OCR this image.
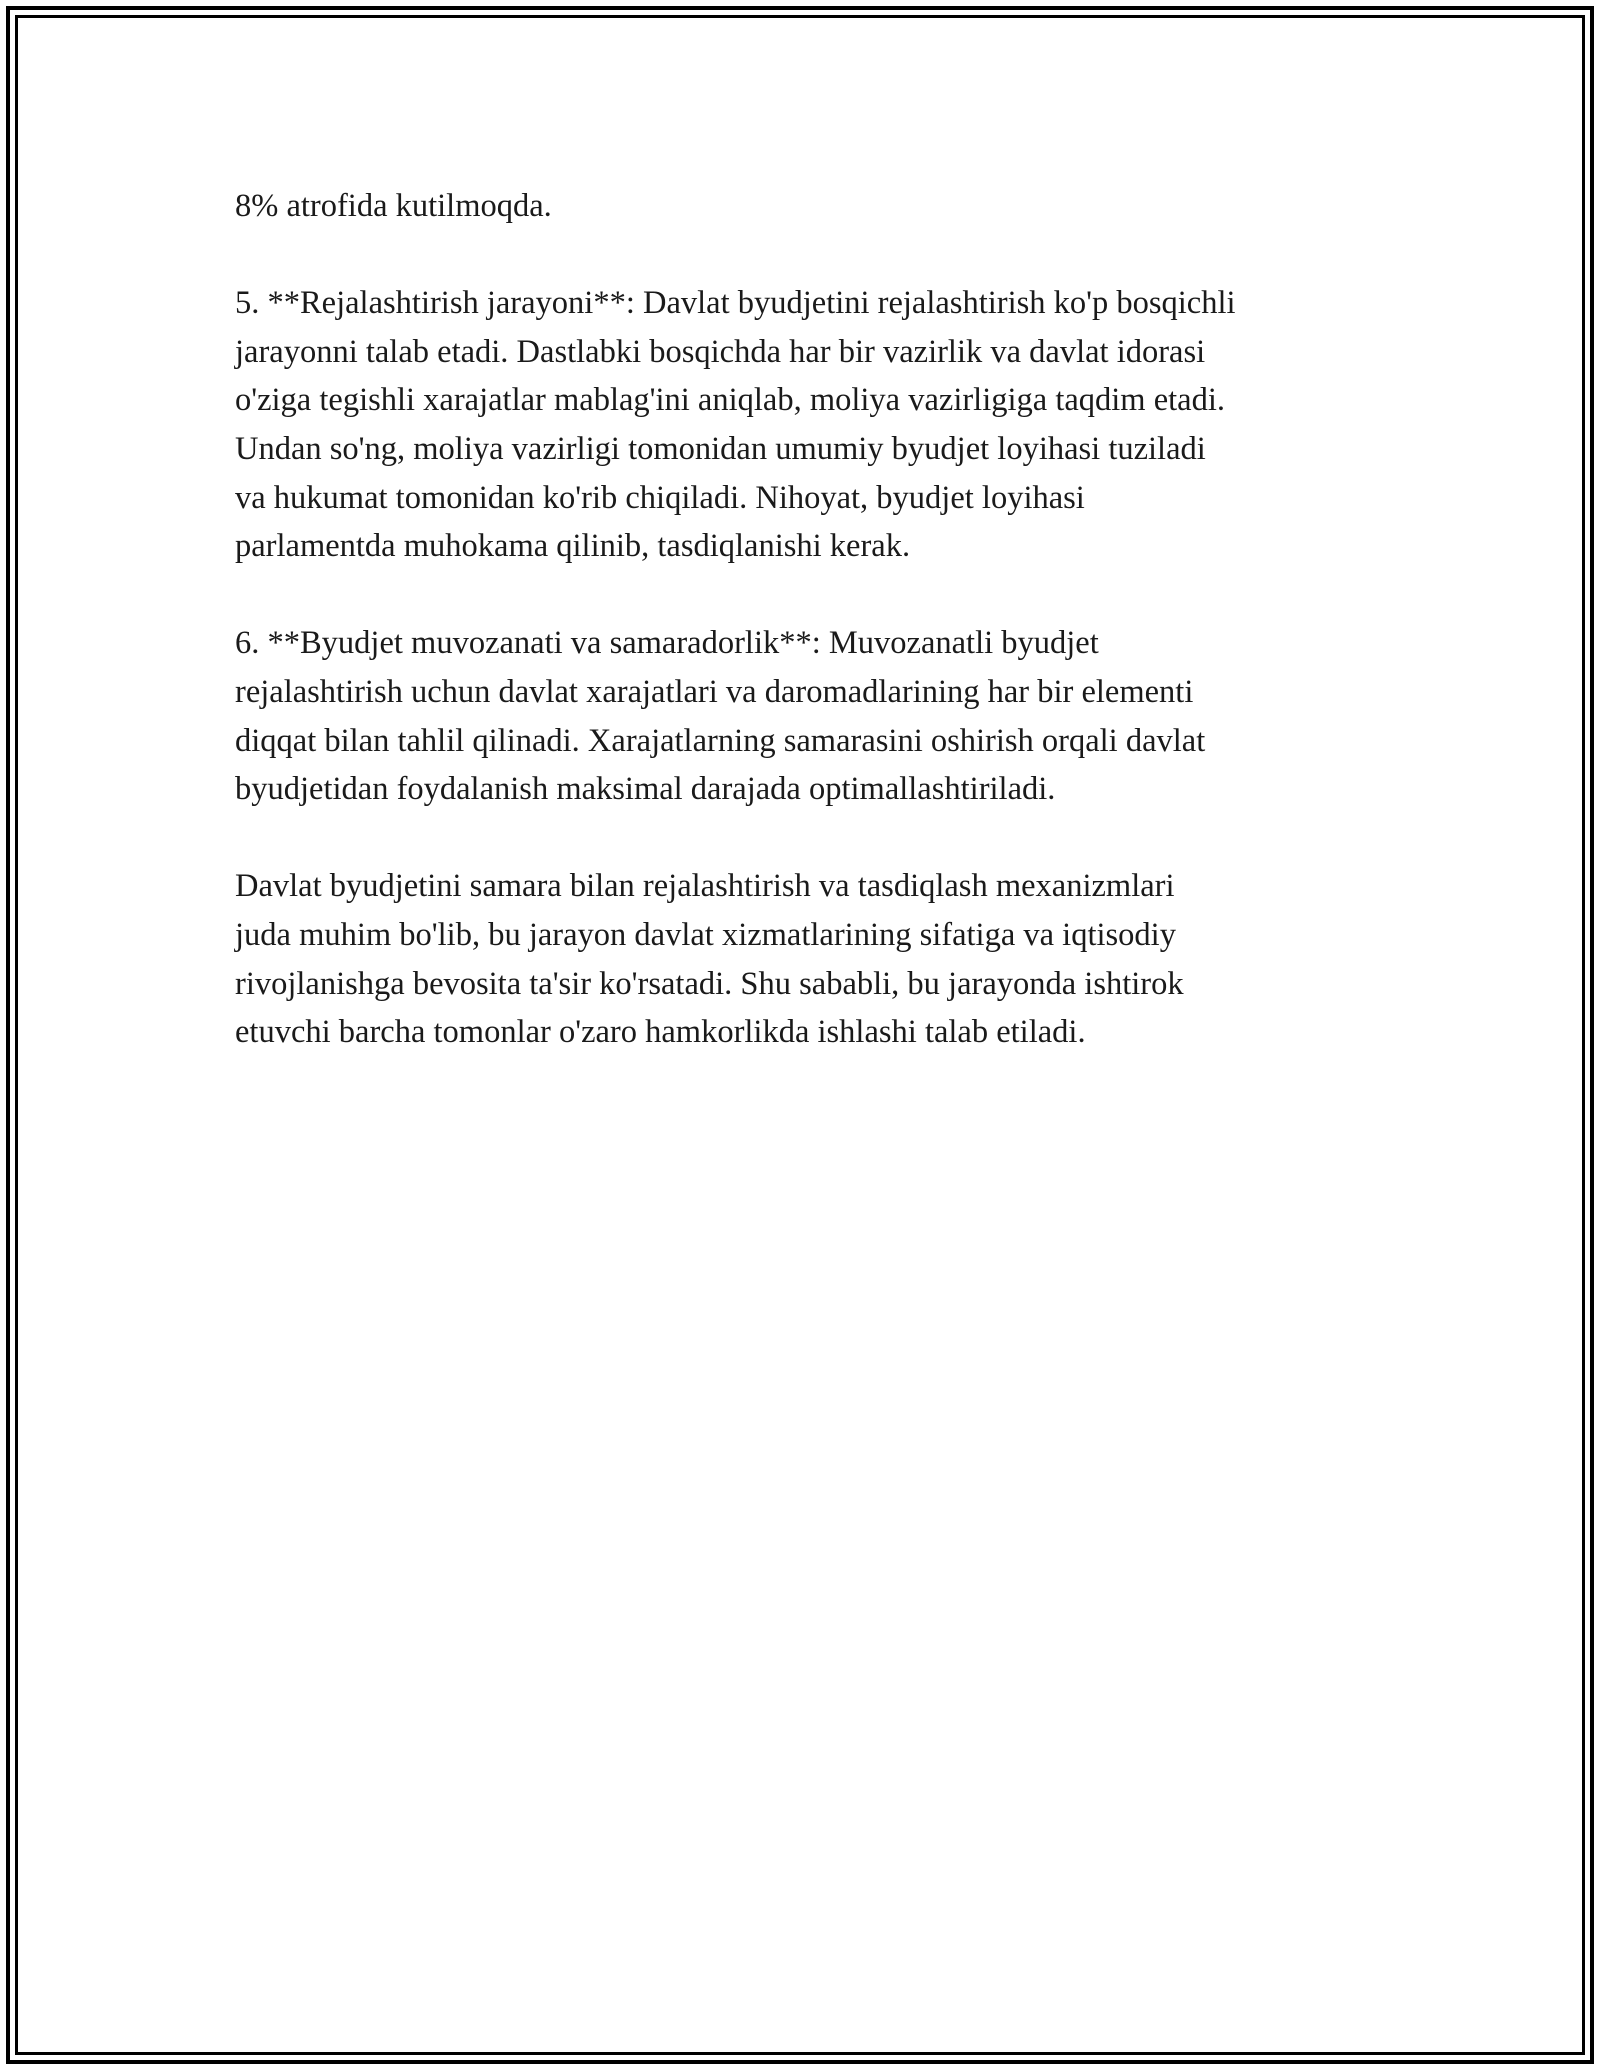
8% atrofida kutilmoqda.

5. **Rejalashtirish jarayoni**: Davlat byudjetini rejalashtirish ko'p bosqichli
jarayonni talab etadi. Dastlabki bosqichda har bir vazirlik va davlat idorasi
o'ziga tegishli xarajatlar mablag'ini aniqlab, moliya vazirligiga taqdim etadi.
Undan so'ng, moliya vazirligi tomonidan umumiy byudjet loyihasi tuziladi
va hukumat tomonidan ko'rib chiqiladi. Nihoyat, byudjet loyihasi
parlamentda muhokama qilinib, tasdiqlanishi kerak.

6. **Byudjet muvozanati va samaradorlik**: Muvozanatli byudjet
rejalashtirish uchun davlat xarajatlari va daromadlarining har bir elementi
diqqat bilan tahlil qilinadi. Xarajatlarning samarasini oshirish orqali davlat
byudjetidan foydalanish maksimal darajada optimallashtiriladi.

Davlat byudjetini samara bilan rejalashtirish va tasdiqlash mexanizmlari
juda muhim bo'lib, bu jarayon davlat xizmatlarining sifatiga va iqtisodiy
rivojlanishga bevosita ta'sir ko'rsatadi. Shu sababli, bu jarayonda ishtirok
etuvchi barcha tomonlar o'zaro hamkorlikda ishlashi talab etiladi.
